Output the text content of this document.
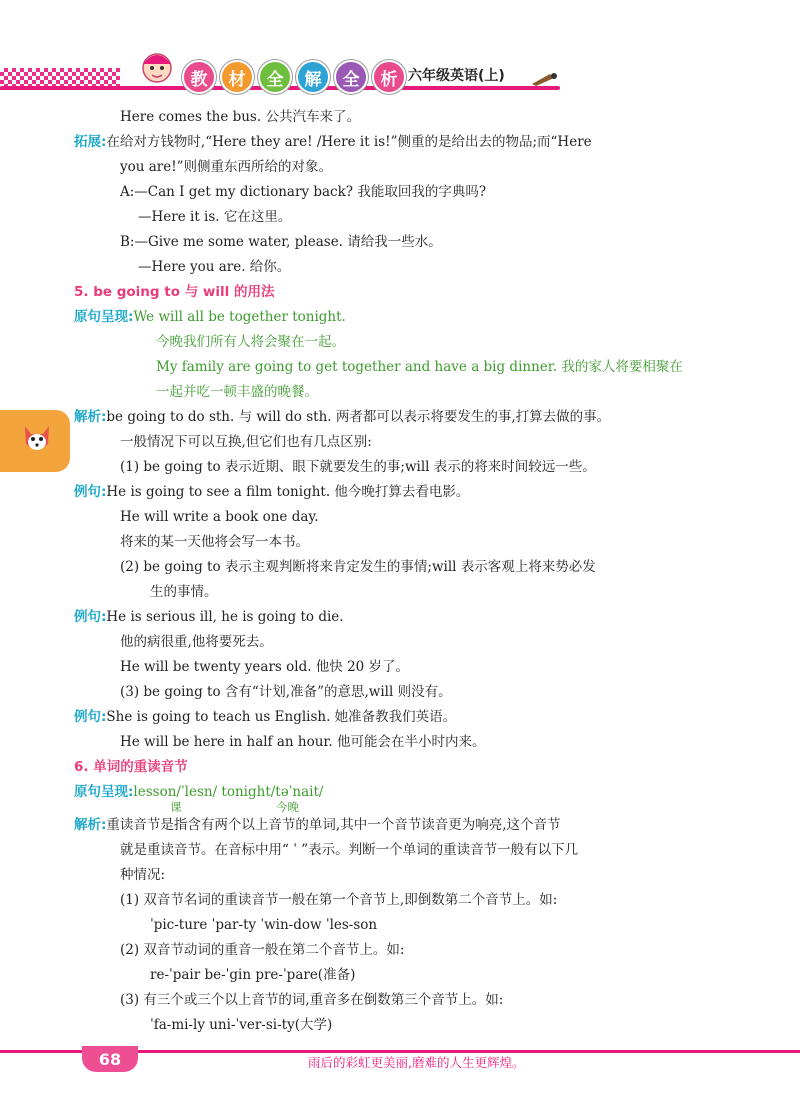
教	材	全	解	全	析 六年级英语(上)
Here comes the bus. 公共汽车来了。
拓展:在给对方钱物时,“Here they are! /Here it is!”侧重的是给出去的物品;而“Here
you are!”则侧重东西所给的对象。
A:—Can I get my dictionary back? 我能取回我的字典吗?
—Here it is. 它在这里。
B:—Give me some water, please. 请给我一些水。
—Here you are. 给你。
5. be going to 与 will 的用法
原句呈现:We will all be together tonight.
今晚我们所有人将会聚在一起。
My family are going to get together and have a big dinner. 我的家人将要相聚在
一起并吃一顿丰盛的晚餐。
解析:be going to do sth. 与 will do sth. 两者都可以表示将要发生的事,打算去做的事。
一般情况下可以互换,但它们也有几点区别:
(1) be going to 表示近期、眼下就要发生的事;will 表示的将来时间较远一些。
例句:He is going to see a film tonight. 他今晚打算去看电影。
He will write a book one day.
将来的某一天他将会写一本书。
(2) be going to 表示主观判断将来肯定发生的事情;will 表示客观上将来势必发
生的事情。
例句:He is serious ill, he is going to die.
他的病很重,他将要死去。
He will be twenty years old. 他快 20 岁了。
(3) be going to 含有“计划,准备”的意思,will 则没有。
例句:She is going to teach us English. 她准备教我们英语。
He will be here in half an hour. 他可能会在半小时内来。
6. 单词的重读音节
原句呈现:lesson/ˈlesn/ tonight/təˈnait/
课	今晚
解析:重读音节是指含有两个以上音节的单词,其中一个音节读音更为响亮,这个音节
就是重读音节。在音标中用“ ˈ ”表示。判断一个单词的重读音节一般有以下几
种情况:
(1) 双音节名词的重读音节一般在第一个音节上,即倒数第二个音节上。如:
ˈpic-ture ˈpar-ty ˈwin-dow ˈles-son
(2) 双音节动词的重音一般在第二个音节上。如:
re-ˈpair be-ˈgin pre-ˈpare(准备)
(3) 有三个或三个以上音节的词,重音多在倒数第三个音节上。如:
ˈfa-mi-ly uni-ˈver-si-ty(大学)
68	雨后的彩虹更美丽,磨难的人生更辉煌。
